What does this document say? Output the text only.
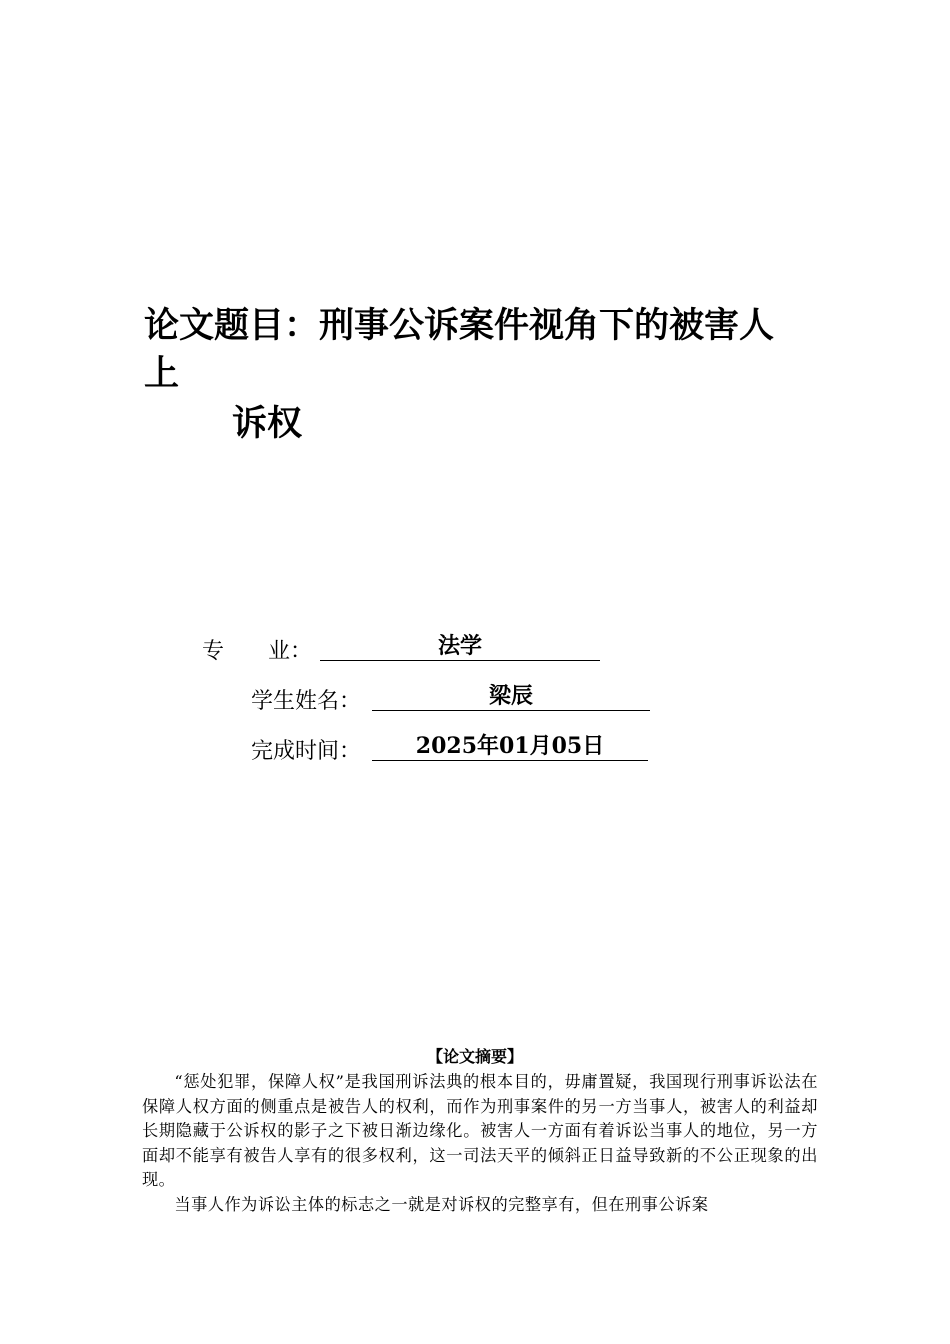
论文题目：刑事公诉案件视角下的被害人
上
诉权
专　　业：	法学
学生姓名：	梁辰
完成时间：	2025年01月05日
【论文摘要】

“惩处犯罪，保障人权”是我国刑诉法典的根本目的，毋庸置疑，我国现行刑事诉讼法在保障人权方面的侧重点是被告人的权利，而作为刑事案件的另一方当事人，被害人的利益却长期隐藏于公诉权的影子之下被日渐边缘化。被害人一方面有着诉讼当事人的地位，另一方面却不能享有被告人享有的很多权利，这一司法天平的倾斜正日益导致新的不公正现象的出现。

当事人作为诉讼主体的标志之一就是对诉权的完整享有，但在刑事公诉案
